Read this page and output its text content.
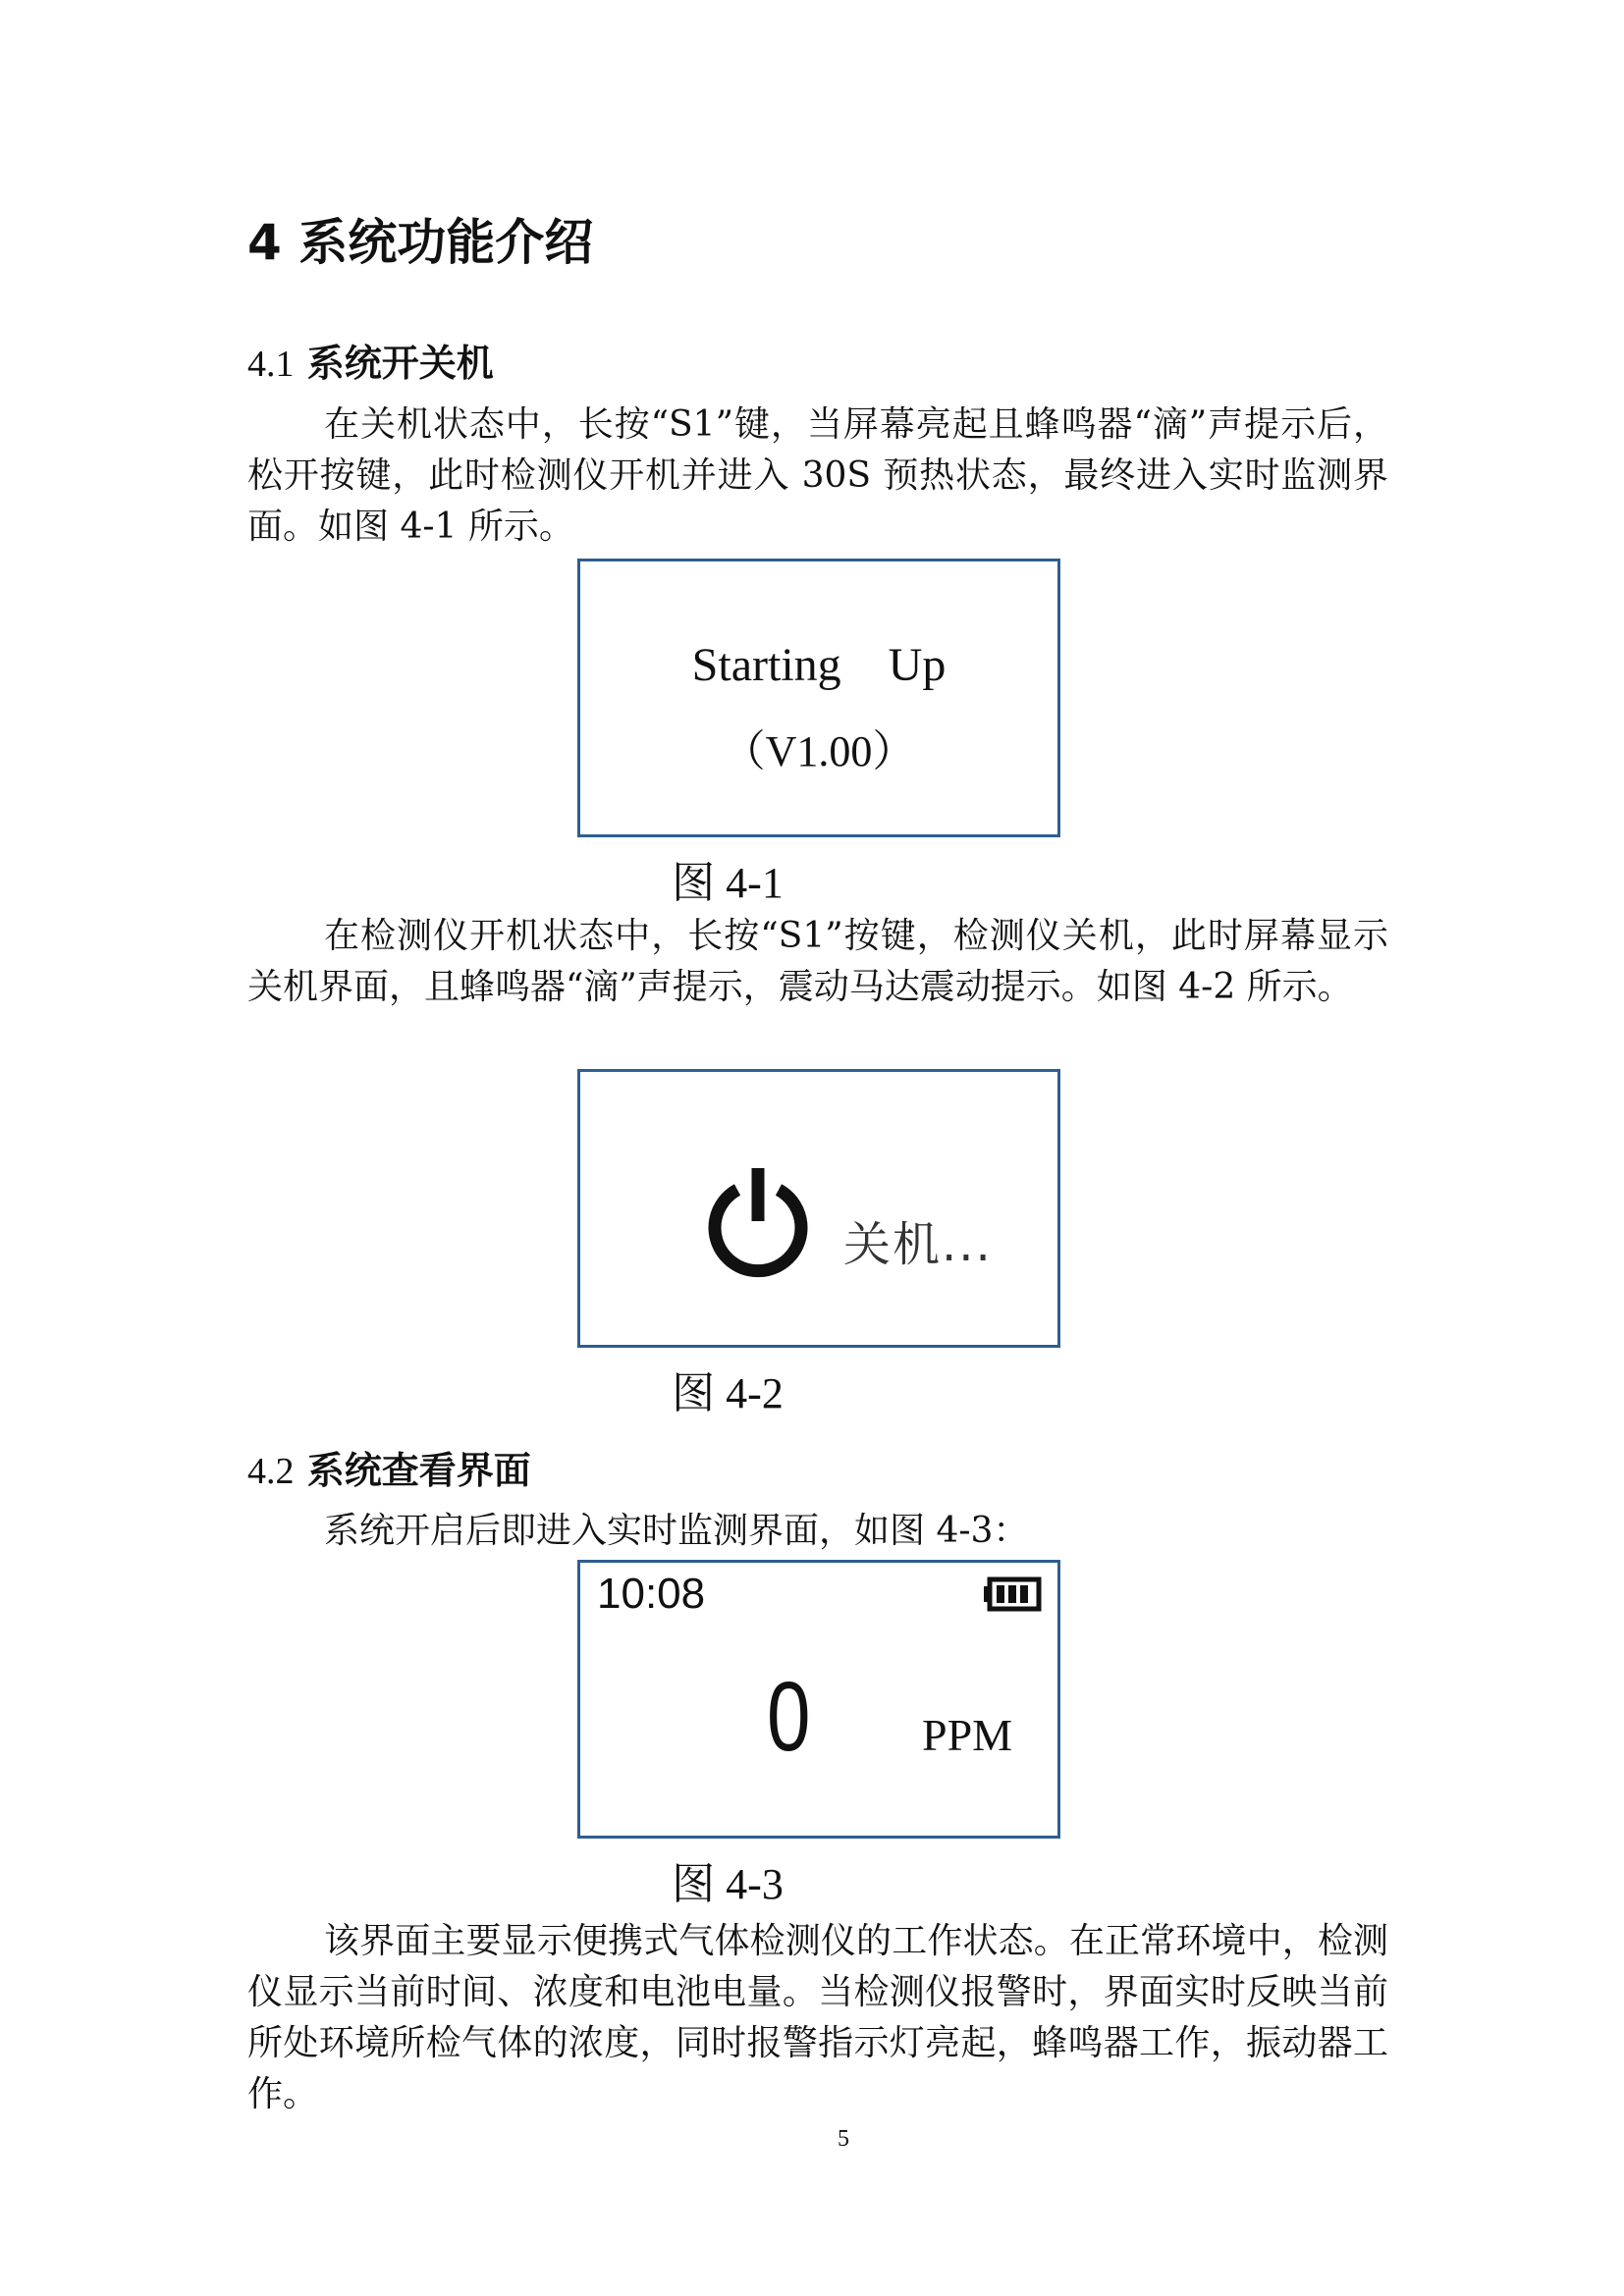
4 系统功能介绍
4.1 系统开关机
在关机状态中，长按“S1”键，当屏幕亮起且蜂鸣器“滴”声提示后，松开按键，此时检测仪开机并进入 30S 预热状态，最终进入实时监测界面。如图 4-1 所示。
Starting    Up
（V1.00）
图 4-1
在检测仪开机状态中，长按“S1”按键，检测仪关机，此时屏幕显示关机界面，且蜂鸣器“滴”声提示，震动马达震动提示。如图 4-2 所示。
关机...
图 4-2
4.2 系统查看界面
系统开启后即进入实时监测界面，如图 4-3：
10:08
0 PPM
图 4-3
该界面主要显示便携式气体检测仪的工作状态。在正常环境中，检测仪显示当前时间、浓度和电池电量。当检测仪报警时，界面实时反映当前所处环境所检气体的浓度，同时报警指示灯亮起，蜂鸣器工作，振动器工作。
5
